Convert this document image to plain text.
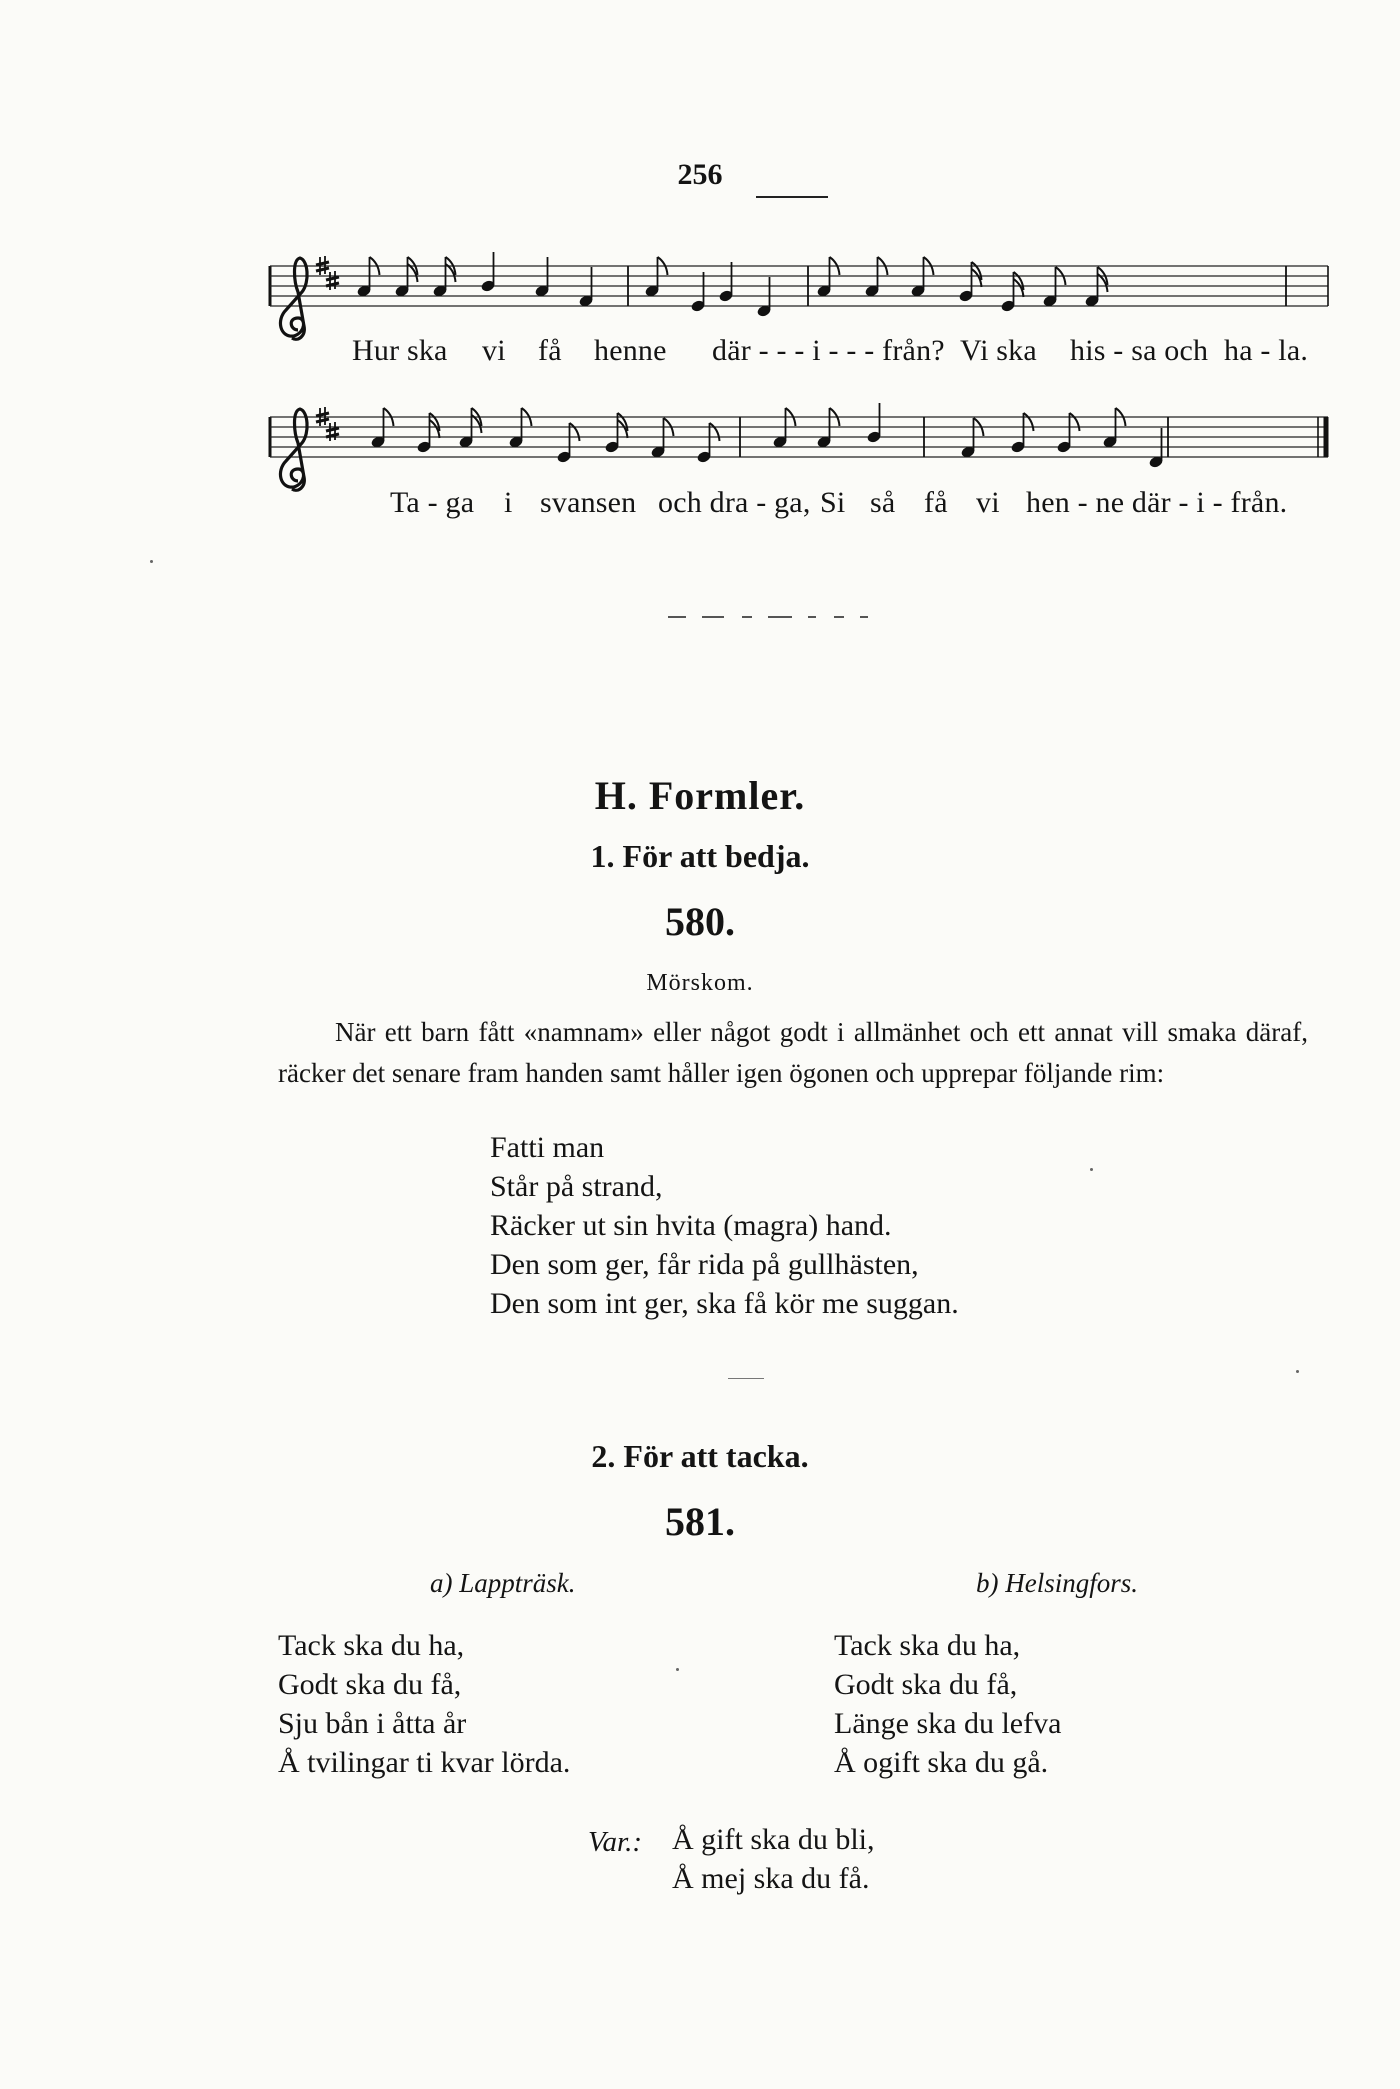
256
Hur ska vi få henne där - - - i - - - från? Vi ska his - sa och ha - la.
Ta - ga i svansen och dra - ga, Si så få vi hen - ne där - i - från.
H. Formler.
1. För att bedja.
580.
Mörskom.
När ett barn fått «namnam» eller något godt i allmänhet och ett annat vill smaka däraf, räcker det senare fram handen samt håller igen ögonen och upprepar följande rim:
Fatti man
Står på strand,
Räcker ut sin hvita (magra) hand.
Den som ger, får rida på gullhästen,
Den som int ger, ska få kör me suggan.
2. För att tacka.
581.
a) Lappträsk.	b) Helsingfors.
Tack ska du ha,
Godt ska du få,
Sju bån i åtta år
Å tvilingar ti kvar lörda.
Tack ska du ha,
Godt ska du få,
Länge ska du lefva
Å ogift ska du gå.
Var.: Å gift ska du bli,
Å mej ska du få.
